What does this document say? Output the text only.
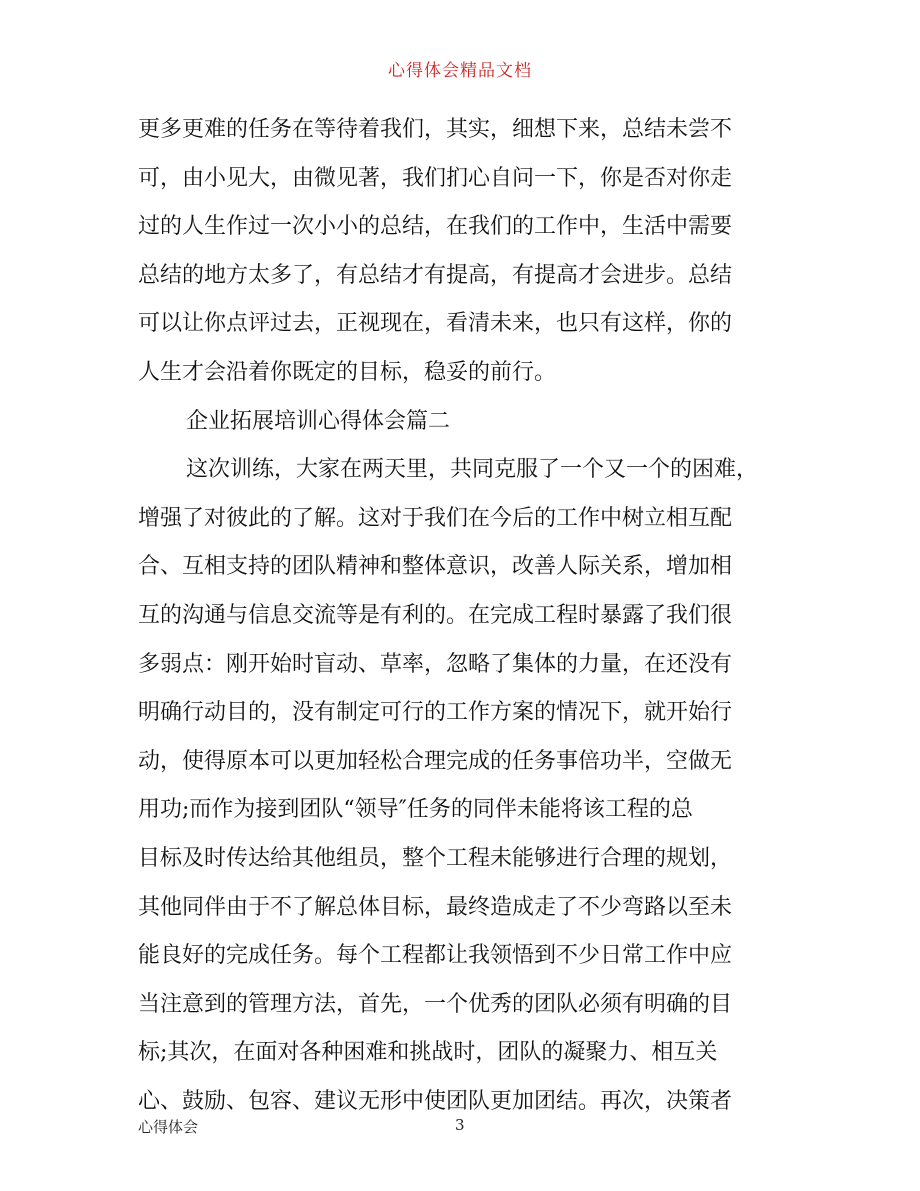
心得体会精品文档
更多更难的任务在等待着我们，其实，细想下来，总结未尝不
可，由小见大，由微见著，我们扪心自问一下，你是否对你走
过的人生作过一次小小的总结，在我们的工作中，生活中需要
总结的地方太多了，有总结才有提高，有提高才会进步。总结
可以让你点评过去，正视现在，看清未来，也只有这样，你的
人生才会沿着你既定的目标，稳妥的前行。
企业拓展培训心得体会篇二
这次训练，大家在两天里，共同克服了一个又一个的困难，
增强了对彼此的了解。这对于我们在今后的工作中树立相互配
合、互相支持的团队精神和整体意识，改善人际关系，增加相
互的沟通与信息交流等是有利的。在完成工程时暴露了我们很
多弱点：刚开始时盲动、草率，忽略了集体的力量，在还没有
明确行动目的，没有制定可行的工作方案的情况下，就开始行
动，使得原本可以更加轻松合理完成的任务事倍功半，空做无
用功;而作为接到团队“领导″任务的同伴未能将该工程的总
目标及时传达给其他组员，整个工程未能够进行合理的规划，
其他同伴由于不了解总体目标，最终造成走了不少弯路以至未
能良好的完成任务。每个工程都让我领悟到不少日常工作中应
当注意到的管理方法，首先，一个优秀的团队必须有明确的目
标;其次，在面对各种困难和挑战时，团队的凝聚力、相互关
心、鼓励、包容、建议无形中使团队更加团结。再次，决策者
心得体会	3
